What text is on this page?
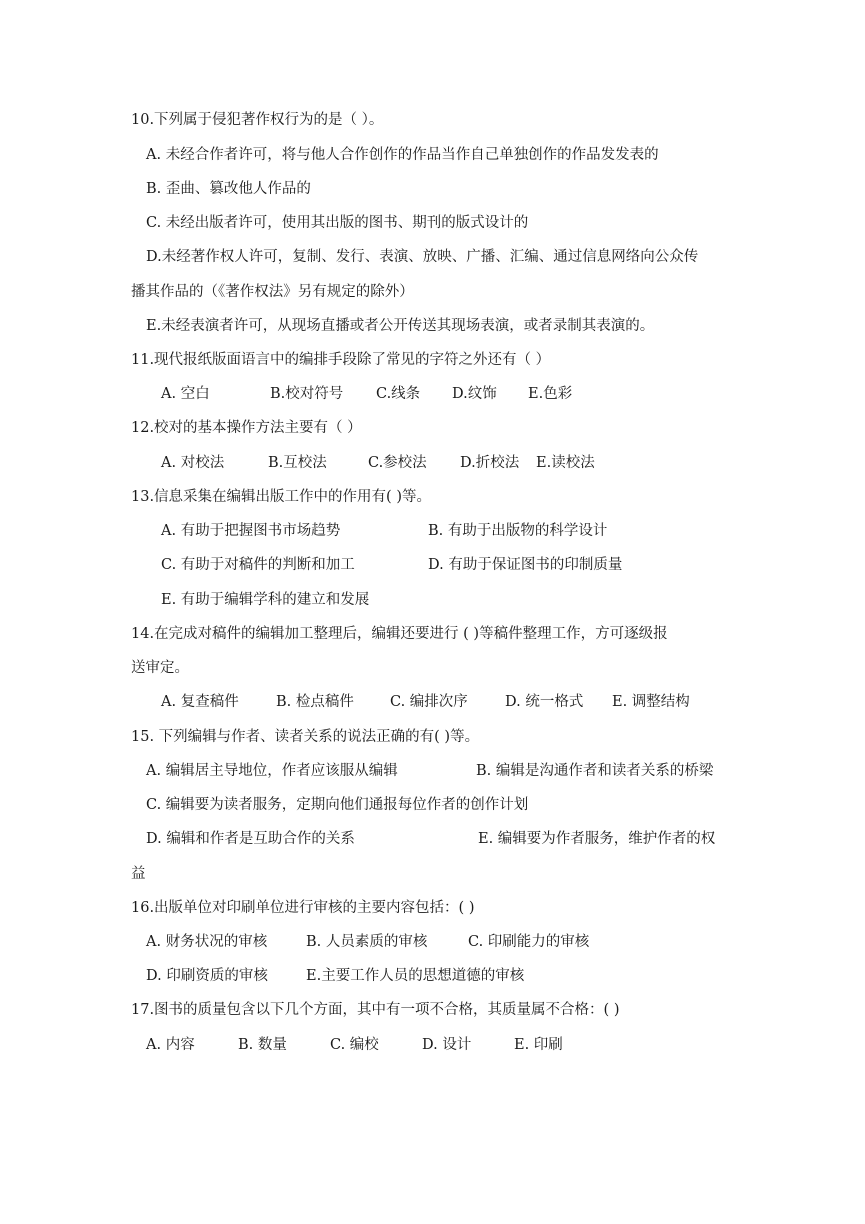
10.下列属于侵犯著作权行为的是（ ）。
A. 未经合作者许可，将与他人合作创作的作品当作自己单独创作的作品发发表的
B. 歪曲、篡改他人作品的
C. 未经出版者许可，使用其出版的图书、期刊的版式设计的
D.未经著作权人许可，复制、发行、表演、放映、广播、汇编、通过信息网络向公众传
播其作品的（《著作权法》另有规定的除外）
E.未经表演者许可，从现场直播或者公开传送其现场表演，或者录制其表演的。
11.现代报纸版面语言中的编排手段除了常见的字符之外还有（ ）
A. 空白	B.校对符号 C.线条 D.纹饰 E.色彩
12.校对的基本操作方法主要有（ ）
A. 对校法	B.互校法	C.参校法 D.折校法 E.读校法
13.信息采集在编辑出版工作中的作用有( )等。
A. 有助于把握图书市场趋势	B. 有助于出版物的科学设计
C. 有助于对稿件的判断和加工	D. 有助于保证图书的印制质量
E. 有助于编辑学科的建立和发展
14.在完成对稿件的编辑加工整理后，编辑还要进行 ( )等稿件整理工作，方可逐级报
送审定。
A. 复查稿件	B. 检点稿件 C. 编排次序	D. 统一格式 E. 调整结构
15. 下列编辑与作者、读者关系的说法正确的有( )等。
A. 编辑居主导地位，作者应该服从编辑	B. 编辑是沟通作者和读者关系的桥梁
C. 编辑要为读者服务，定期向他们通报每位作者的创作计划
D. 编辑和作者是互助合作的关系	E. 编辑要为作者服务，维护作者的权
益
16.出版单位对印刷单位进行审核的主要内容包括：( )
A. 财务状况的审核	B. 人员素质的审核	C. 印刷能力的审核
D. 印刷资质的审核	E.主要工作人员的思想道德的审核
17.图书的质量包含以下几个方面，其中有一项不合格，其质量属不合格：( )
A. 内容	B. 数量	C. 编校	D. 设计	E. 印刷
